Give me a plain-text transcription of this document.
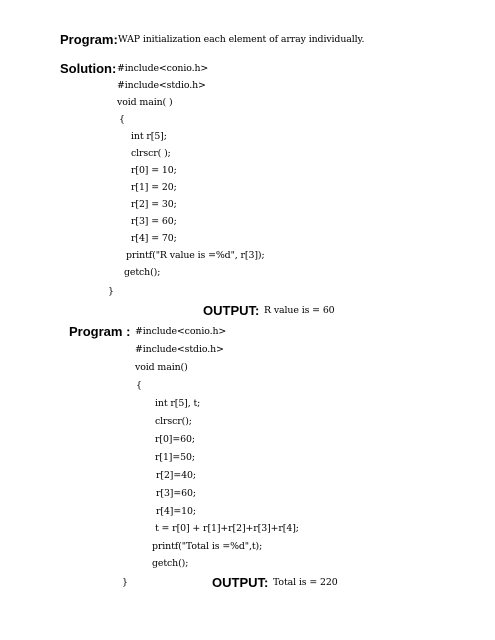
Program: WAP initialization each element of array individually.
Solution: #include<conio.h>
#include<stdio.h>
void main( )
{
int r[5];
clrscr( );
r[0] = 10;
r[1] = 20;
r[2] = 30;
r[3] = 60;
r[4] = 70;
printf("R value is =%d", r[3]);
getch();
}
OUTPUT: R value is = 60
Program : #include<conio.h>
#include<stdio.h>
void main()
{
int r[5], t;
clrscr();
r[0]=60;
r[1]=50;
r[2]=40;
r[3]=60;
r[4]=10;
t = r[0] + r[1]+r[2]+r[3]+r[4];
printf("Total is =%d",t);
getch();
}	OUTPUT: Total is = 220
